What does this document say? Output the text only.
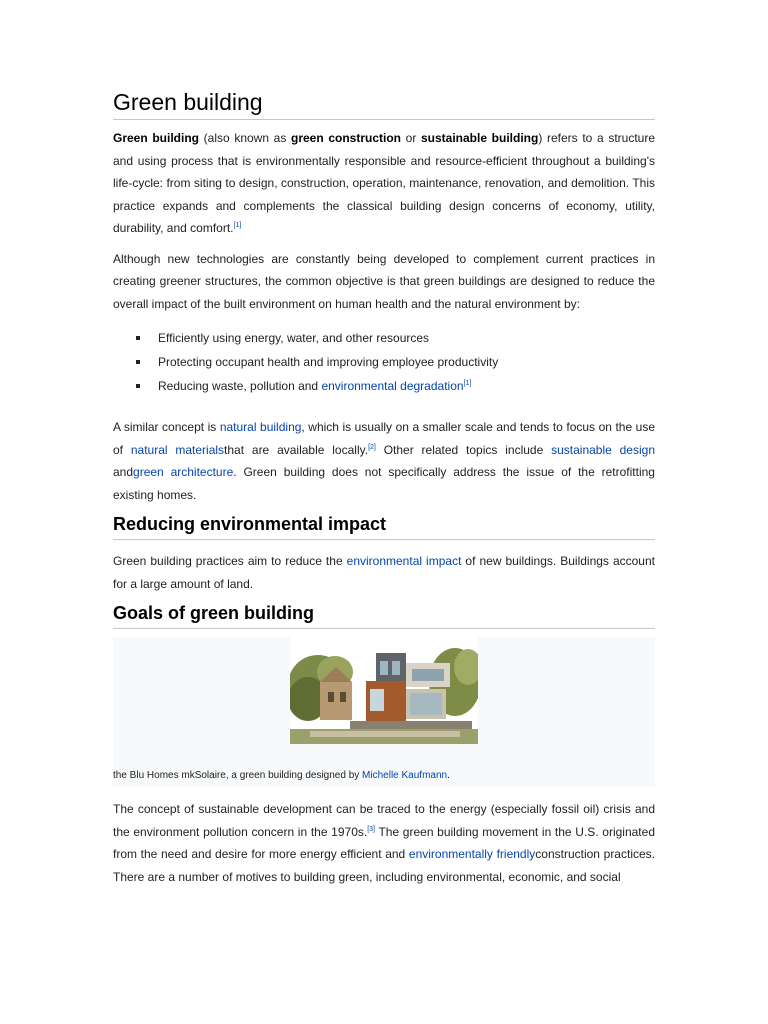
Green building

Green building (also known as green construction or sustainable building) refers to a structure and using process that is environmentally responsible and resource-efficient throughout a building's life-cycle: from siting to design, construction, operation, maintenance, renovation, and demolition. This practice expands and complements the classical building design concerns of economy, utility, durability, and comfort.[1]

Although new technologies are constantly being developed to complement current practices in creating greener structures, the common objective is that green buildings are designed to reduce the overall impact of the built environment on human health and the natural environment by:

Efficiently using energy, water, and other resources
Protecting occupant health and improving employee productivity
Reducing waste, pollution and environmental degradation[1]

A similar concept is natural building, which is usually on a smaller scale and tends to focus on the use of natural materialsthat are available locally.[2] Other related topics include sustainable design andgreen architecture. Green building does not specifically address the issue of the retrofitting existing homes.

Reducing environmental impact

Green building practices aim to reduce the environmental impact of new buildings. Buildings account for a large amount of land.

Goals of green building
the Blu Homes mkSolaire, a green building designed by Michelle Kaufmann.

The concept of sustainable development can be traced to the energy (especially fossil oil) crisis and the environment pollution concern in the 1970s.[3] The green building movement in the U.S. originated from the need and desire for more energy efficient and environmentally friendlyconstruction practices. There are a number of motives to building green, including environmental, economic, and social
